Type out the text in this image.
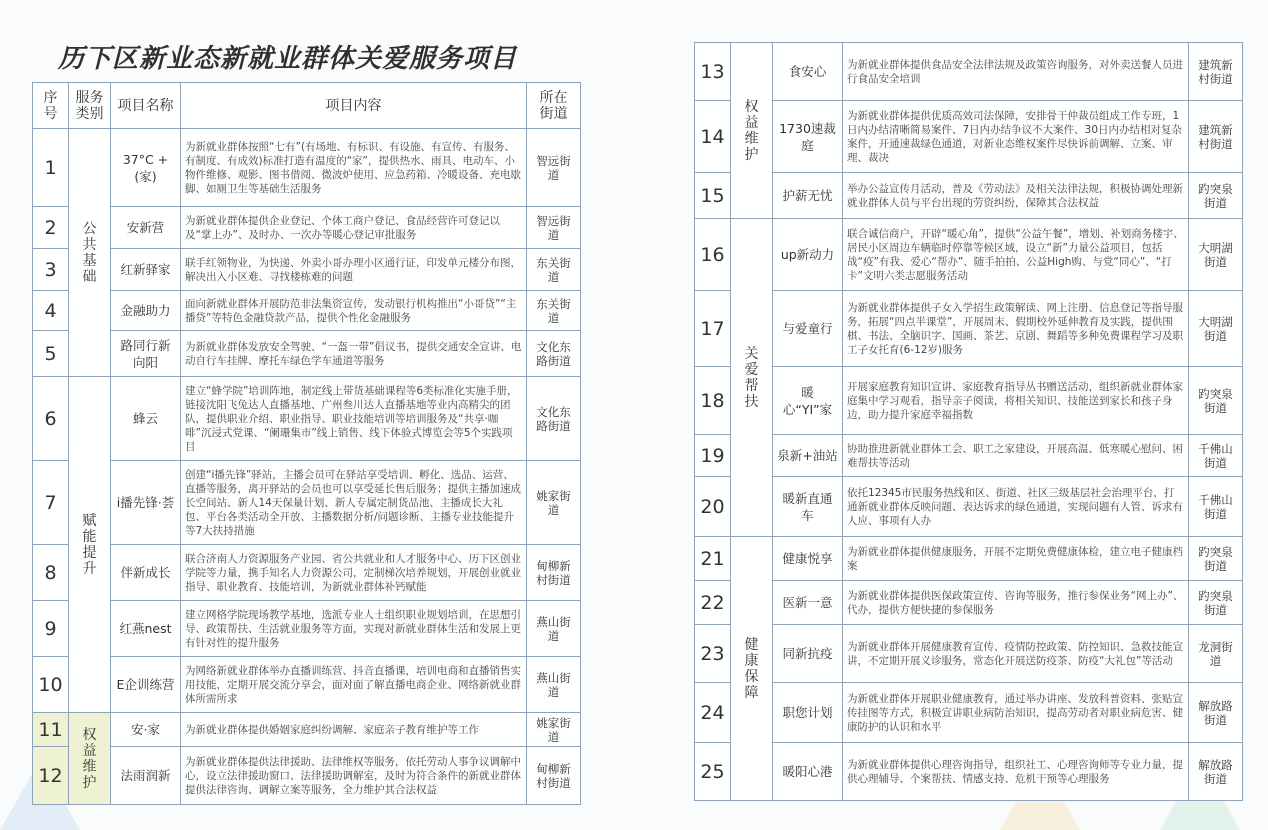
历下区新业态新就业群体关爱服务项目
序号	服务类别	项目名称	项目内容	所在街道
1	公共基础	37°C +(家)	为新就业群体按照“七有”(有场地、有标识、有设施、有宣传、有服务、有制度、有成效)标准打造有温度的“家”，提供热水、雨具、电动车、小物件维修、观影、图书借阅、微波炉使用、应急药箱、冷暖设备、充电歇脚、如厕卫生等基础生活服务	智远街道
2		安新营	为新就业群体提供企业登记、个体工商户登记、食品经营许可登记以及“掌上办”、及时办、一次办等暖心登记审批服务	智远街道
3		红新驿家	联手红领物业，为快递、外卖小哥办理小区通行证，印发单元楼分布图，解决出入小区难、寻找楼栋难的问题	东关街道
4		金融助力	面向新就业群体开展防范非法集资宣传，发动银行机构推出“小哥贷”“主播贷”等特色金融贷款产品，提供个性化金融服务	东关街道
5		路同行新向阳	为新就业群体发放安全驾驶、“一盔一带”倡议书，提供交通安全宣讲、电动自行车挂牌、摩托车绿色学车通道等服务	文化东路街道
6	赋能提升	蜂云	建立“蜂学院”培训阵地，制定线上带货基础课程等6类标准化实施手册，链接沈阳飞兔达人直播基地、广州叁川达人直播基地等业内高精尖的团队，提供职业介绍、职业指导、职业技能培训等培训服务及“共享·咖啡”沉浸式党课、“阑珊集市”线上销售、线下体验式博览会等5个实践项目	文化东路街道
7		i播先锋·荟	创建“i播先锋”驿站，主播会员可在驿站享受培训、孵化、选品、运营、直播等服务，离开驿站的会员也可以享受延长售后服务；提供主播加速成长空间站、新人14天保量计划、新人专属定制货品池、主播成长大礼包、平台各类活动全开放、主播数据分析/问题诊断、主播专业技能提升等7大扶持措施	姚家街道
8		伴新成长	联合济南人力资源服务产业园、省公共就业和人才服务中心、历下区创业学院等力量，携手知名人力资源公司，定制梯次培养规划，开展创业就业指导、职业教育、技能培训，为新就业群体补钙赋能	甸柳新村街道
9		红燕nest	建立网格学院现场教学基地，选派专业人士组织职业规划培训，在思想引导、政策帮扶、生活就业服务等方面，实现对新就业群体生活和发展上更有针对性的提升服务	燕山街道
10		E企训练营	为网络新就业群体举办直播训练营、抖音直播课，培训电商和直播销售实用技能，定期开展交流分享会，面对面了解直播电商企业、网络新就业群体所需所求	燕山街道
11	权益维护	安·家	为新就业群体提供婚姻家庭纠纷调解、家庭亲子教育维护等工作	姚家街道
12		法雨润新	为新就业群体提供法律援助、法律维权等服务，依托劳动人事争议调解中心，设立法律援助窗口、法律援助调解室，及时为符合条件的新就业群体提供法律咨询、调解立案等服务，全力维护其合法权益	甸柳新村街道
13	权益维护	食安心	为新就业群体提供食品安全法律法规及政策咨询服务，对外卖送餐人员进行食品安全培训	建筑新村街道
14		1730速裁庭	为新就业群体提供优质高效司法保障，安排骨干仲裁员组成工作专班，1日内办结清晰简易案件、7日内办结争议不大案件、30日内办结相对复杂案件，开通速裁绿色通道，对新业态维权案件尽快诉前调解、立案、审理、裁决	建筑新村街道
15		护薪无忧	举办公益宣传月活动，普及《劳动法》及相关法律法规，积极协调处理新就业群体人员与平台出现的劳资纠纷，保障其合法权益	趵突泉街道
16	关爱帮扶	up新动力	联合诚信商户，开辟“暖心角”，提供“公益午餐”，增划、补划商务楼宇、居民小区周边车辆临时停靠等候区域，设立“新”力量公益项目，包括战“疫”有我、爱心“帮办”、随手拍拍、公益High购、与党“同心”、“打卡”文明六类志愿服务活动	大明湖街道
17		与爱童行	为新就业群体提供子女入学招生政策解读、网上注册、信息登记等指导服务，拓展“四点半课堂”，开展周末、假期校外延伸教育及实践，提供围棋、书法、全脑识字、国画、茶艺、京剧、舞蹈等多种免费课程学习及职工子女托育(6-12岁)服务	大明湖街道
18		暖心“YI”家	开展家庭教育知识宣讲、家庭教育指导丛书赠送活动，组织新就业群体家庭集中学习观看，指导亲子阅读，将相关知识、技能送到家长和孩子身边，助力提升家庭幸福指数	趵突泉街道
19		泉新+油站	协助推进新就业群体工会、职工之家建设，开展高温、低寒暖心慰问、困难帮扶等活动	千佛山街道
20		暖新直通车	依托12345市民服务热线和区、街道、社区三级基层社会治理平台，打通新就业群体反映问题、表达诉求的绿色通道，实现问题有人管、诉求有人应、事项有人办	千佛山街道
21	健康保障	健康悦享	为新就业群体提供健康服务，开展不定期免费健康体检，建立电子健康档案	趵突泉街道
22		医新一意	为新就业群体提供医保政策宣传、咨询等服务，推行参保业务“网上办”、代办，提供方便快捷的参保服务	趵突泉街道
23		同新抗疫	为新就业群体开展健康教育宣传、疫情防控政策、防控知识、急救技能宣讲，不定期开展义诊服务，常态化开展送防疫茶、防疫“大礼包”等活动	龙洞街道
24		职您计划	为新就业群体开展职业健康教育，通过举办讲座、发放科普资料、张贴宣传挂图等方式，积极宣讲职业病防治知识，提高劳动者对职业病危害、健康防护的认识和水平	解放路街道
25		暖阳心港	为新就业群体提供心理咨询指导，组织社工、心理咨询师等专业力量，提供心理辅导、个案帮扶、情感支持、危机干预等心理服务	解放路街道
